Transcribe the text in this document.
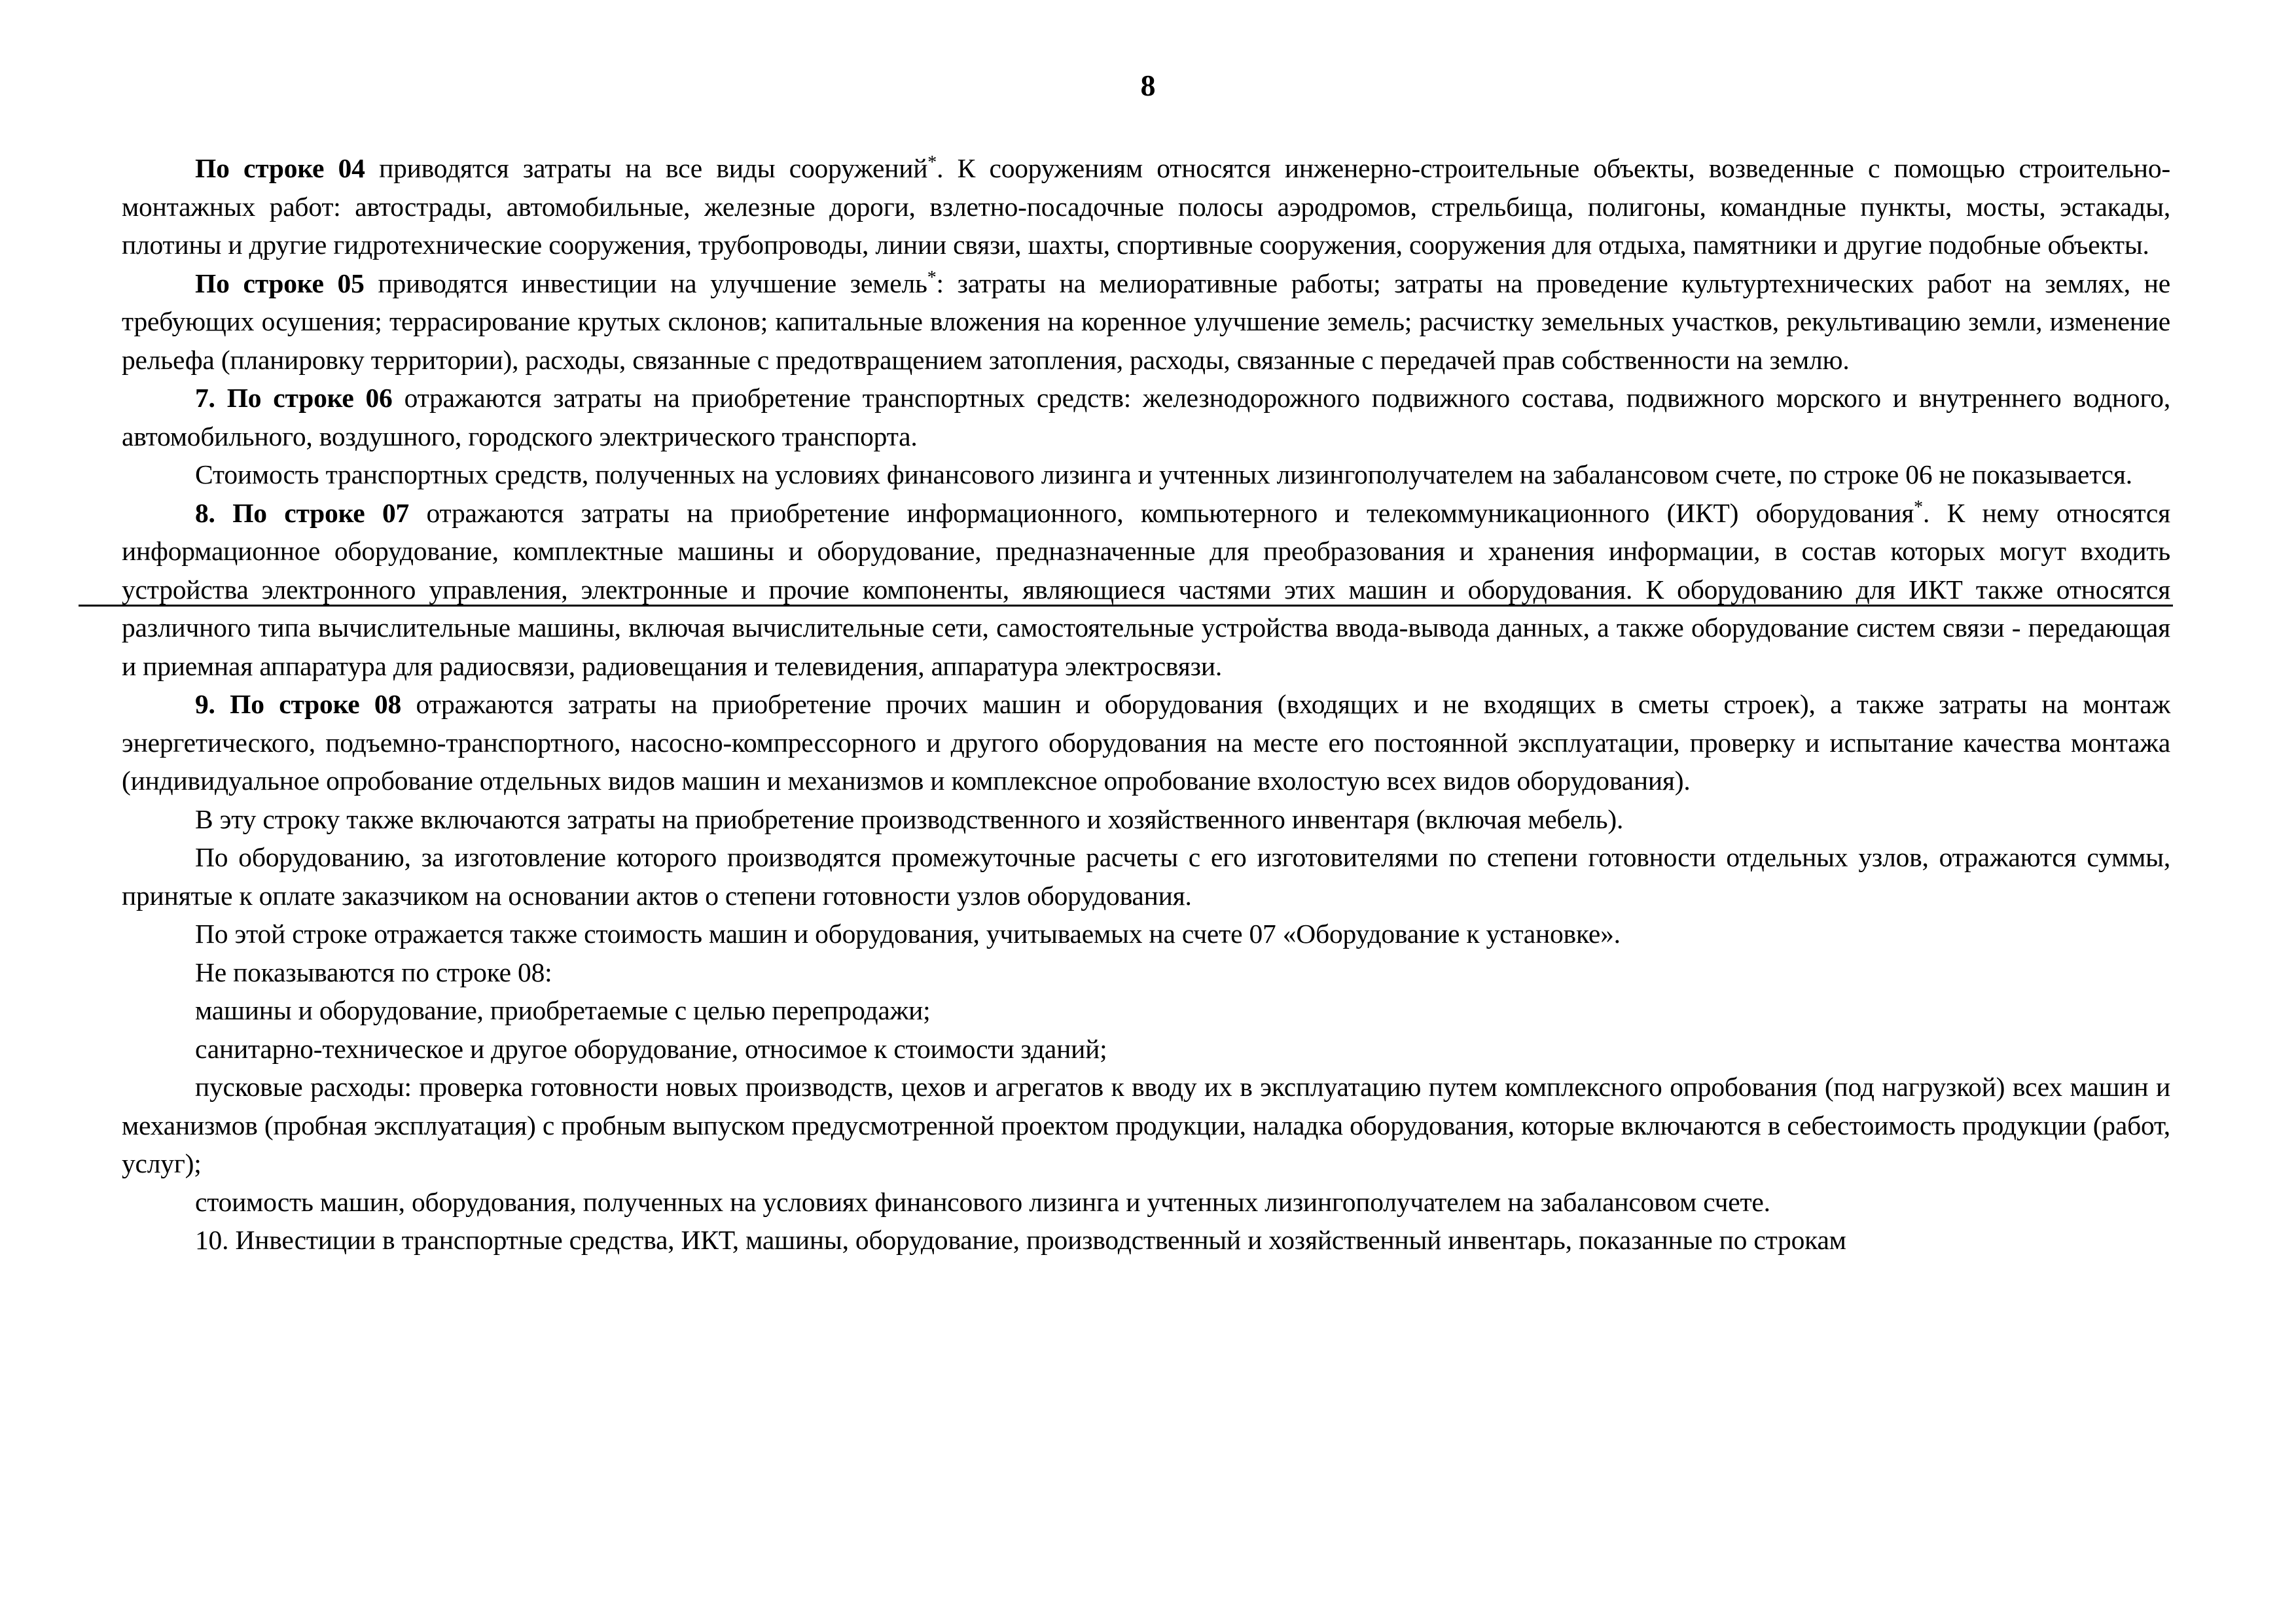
8

По строке 04 приводятся затраты на все виды сооружений*. К сооружениям относятся инженерно-строительные объекты, возведенные с помощью строительно-монтажных работ: автострады, автомобильные, железные дороги, взлетно-посадочные полосы аэродромов, стрельбища, полигоны, командные пункты, мосты, эстакады, плотины и другие гидротехнические сооружения, трубопроводы, линии связи, шахты, спортивные сооружения, сооружения для отдыха, памятники и другие подобные объекты.

По строке 05 приводятся инвестиции на улучшение земель*: затраты на мелиоративные работы; затраты на проведение культуртехнических работ на землях, не требующих осушения; террасирование крутых склонов; капитальные вложения на коренное улучшение земель; расчистку земельных участков, рекультивацию земли, изменение рельефа (планировку территории), расходы, связанные с предотвращением затопления, расходы, связанные с передачей прав собственности на землю.

7. По строке 06 отражаются затраты на приобретение транспортных средств: железнодорожного подвижного состава, подвижного морского и внутреннего водного, автомобильного, воздушного, городского электрического транспорта.

Стоимость транспортных средств, полученных на условиях финансового лизинга и учтенных лизингополучателем на забалансовом счете, по строке 06 не показывается.

8. По строке 07 отражаются затраты на приобретение информационного, компьютерного и телекоммуникационного (ИКТ) оборудования*. К нему относятся информационное оборудование, комплектные машины и оборудование, предназначенные для преобразования и хранения информации, в состав которых могут входить устройства электронного управления, электронные и прочие компоненты, являющиеся частями этих машин и оборудования. К оборудованию для ИКТ также относятся различного типа вычислительные машины, включая вычислительные сети, самостоятельные устройства ввода-вывода данных, а также оборудование систем связи - передающая и приемная аппаратура для радиосвязи, радиовещания и телевидения, аппаратура электросвязи.

9. По строке 08 отражаются затраты на приобретение прочих машин и оборудования (входящих и не входящих в сметы строек), а также затраты на монтаж энергетического, подъемно-транспортного, насосно-компрессорного и другого оборудования на месте его постоянной эксплуатации, проверку и испытание качества монтажа (индивидуальное опробование отдельных видов машин и механизмов и комплексное опробование вхолостую всех видов оборудования).

В эту строку также включаются затраты на приобретение производственного и хозяйственного инвентаря (включая мебель).

По оборудованию, за изготовление которого производятся промежуточные расчеты с его изготовителями по степени готовности отдельных узлов, отражаются суммы, принятые к оплате заказчиком на основании актов о степени готовности узлов оборудования.

По этой строке отражается также стоимость машин и оборудования, учитываемых на счете 07 «Оборудование к установке».

Не показываются по строке 08:

машины и оборудование, приобретаемые с целью перепродажи;

санитарно-техническое и другое оборудование, относимое к стоимости зданий;

пусковые расходы: проверка готовности новых производств, цехов и агрегатов к вводу их в эксплуатацию путем комплексного опробования (под нагрузкой) всех машин и механизмов (пробная эксплуатация) с пробным выпуском предусмотренной проектом продукции, наладка оборудования, которые включаются в себестоимость продукции (работ, услуг);

стоимость машин, оборудования, полученных на условиях финансового лизинга и учтенных лизингополучателем на забалансовом счете.

10. Инвестиции в транспортные средства, ИКТ, машины, оборудование, производственный и хозяйственный инвентарь, показанные по строкам
